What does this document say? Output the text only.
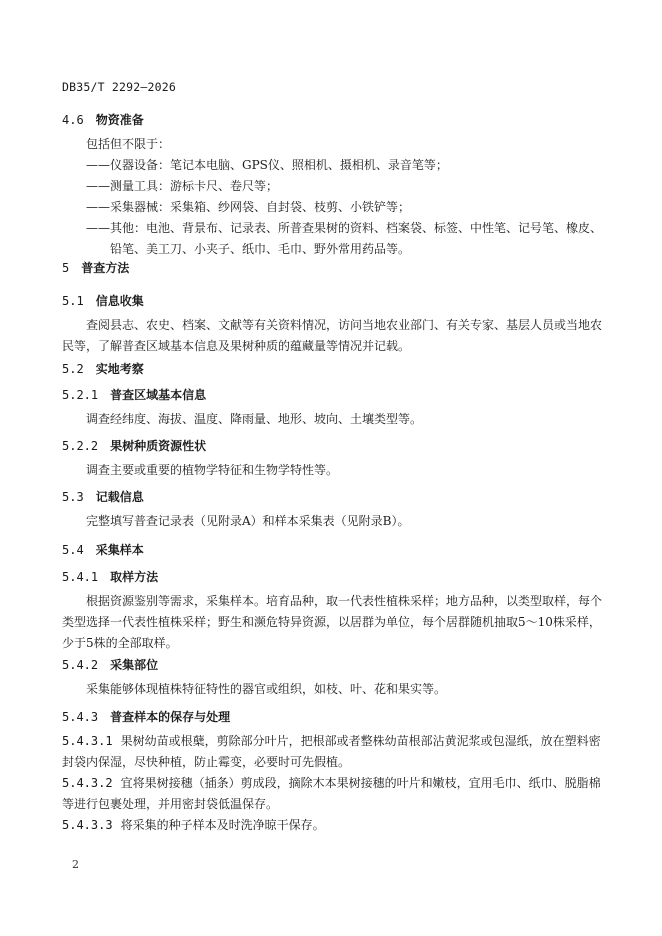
DB35/T 2292—2026
4.6 物资准备
包括但不限于：
——仪器设备：笔记本电脑、GPS仪、照相机、摄相机、录音笔等；
——测量工具：游标卡尺、卷尺等；
——采集器械：采集箱、纱网袋、自封袋、枝剪、小铁铲等；
——其他：电池、背景布、记录表、所普查果树的资料、档案袋、标签、中性笔、记号笔、橡皮、
铅笔、美工刀、小夹子、纸巾、毛巾、野外常用药品等。
5 普查方法
5.1 信息收集
查阅县志、农史、档案、文献等有关资料情况，访问当地农业部门、有关专家、基层人员或当地农
民等，了解普查区域基本信息及果树种质的蕴藏量等情况并记载。
5.2 实地考察
5.2.1 普查区域基本信息
调查经纬度、海拔、温度、降雨量、地形、坡向、土壤类型等。
5.2.2 果树种质资源性状
调查主要或重要的植物学特征和生物学特性等。
5.3 记载信息
完整填写普查记录表（见附录A）和样本采集表（见附录B）。
5.4 采集样本
5.4.1 取样方法
根据资源鉴别等需求，采集样本。培育品种，取一代表性植株采样；地方品种，以类型取样，每个
类型选择一代表性植株采样；野生和濒危特异资源，以居群为单位，每个居群随机抽取5～10株采样，
少于5株的全部取样。
5.4.2 采集部位
采集能够体现植株特征特性的器官或组织，如枝、叶、花和果实等。
5.4.3 普查样本的保存与处理
5.4.3.1 果树幼苗或根蘖，剪除部分叶片，把根部或者整株幼苗根部沾黄泥浆或包湿纸，放在塑料密
封袋内保湿，尽快种植，防止霉变，必要时可先假植。
5.4.3.2 宜将果树接穗（插条）剪成段，摘除木本果树接穗的叶片和嫩枝，宜用毛巾、纸巾、脱脂棉
等进行包裹处理，并用密封袋低温保存。
5.4.3.3 将采集的种子样本及时洗净晾干保存。
2
